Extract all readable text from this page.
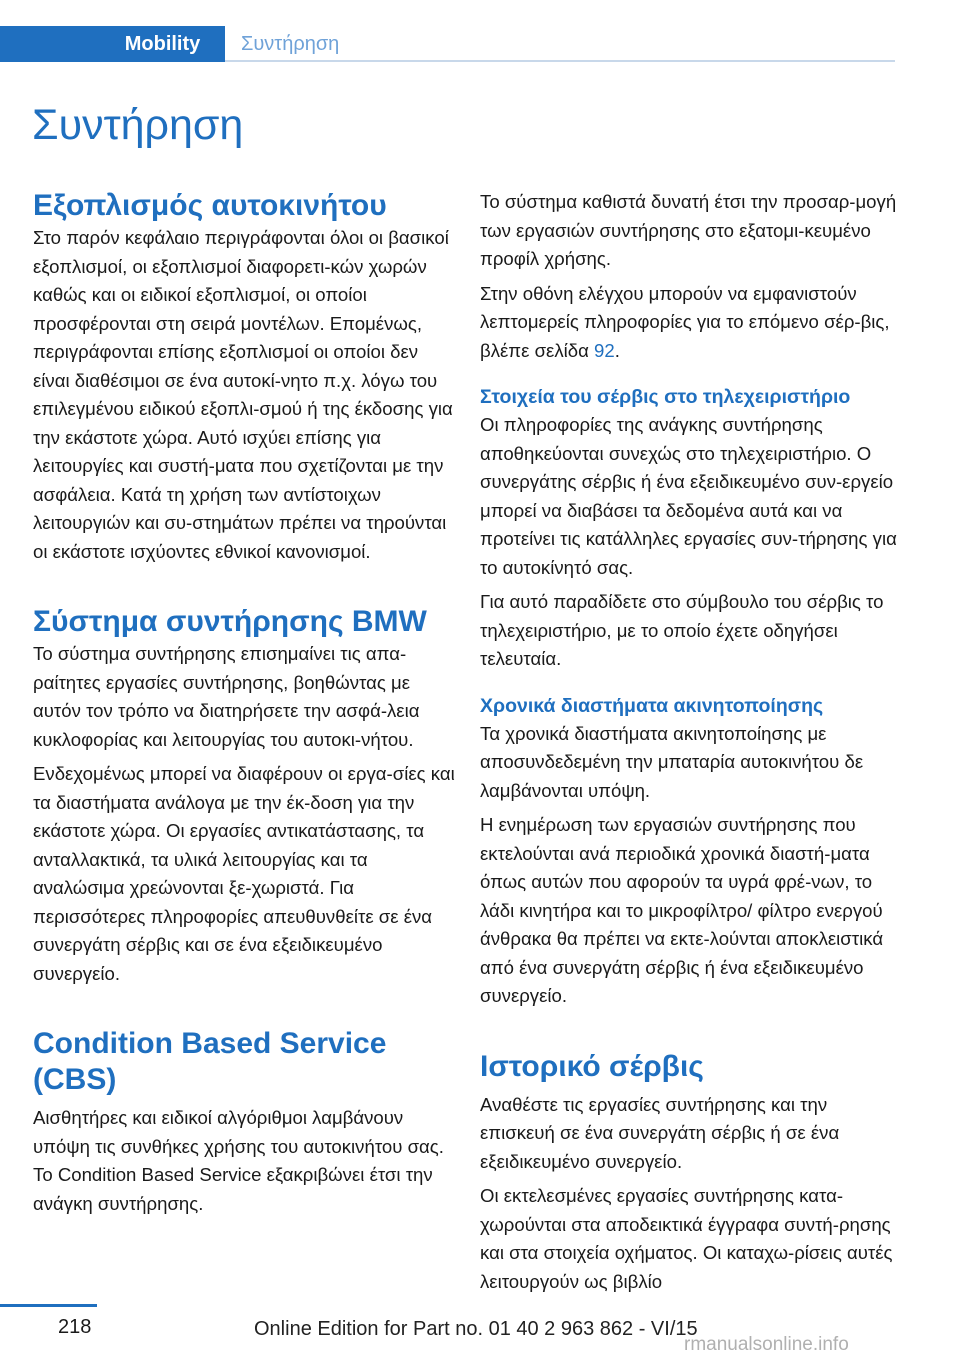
Mobility	Συντήρηση
Συντήρηση
Εξοπλισμός αυτοκινήτου

Στο παρόν κεφάλαιο περιγράφονται όλοι οι βασικοί εξοπλισμοί, οι εξοπλισμοί διαφορετι‐κών χωρών καθώς και οι ειδικοί εξοπλισμοί, οι οποίοι προσφέρονται στη σειρά μοντέλων. Επομένως, περιγράφονται επίσης εξοπλισμοί οι οποίοι δεν είναι διαθέσιμοι σε ένα αυτοκί‐νητο π.χ. λόγω του επιλεγμένου ειδικού εξοπλι‐σμού ή της έκδοσης για την εκάστοτε χώρα. Αυτό ισχύει επίσης για λειτουργίες και συστή‐ματα που σχετίζονται με την ασφάλεια. Κατά τη χρήση των αντίστοιχων λειτουργιών και συ‐στημάτων πρέπει να τηρούνται οι εκάστοτε ισχύοντες εθνικοί κανονισμοί.

Σύστημα συντήρησης BMW

Το σύστημα συντήρησης επισημαίνει τις απα‐ραίτητες εργασίες συντήρησης, βοηθώντας με αυτόν τον τρόπο να διατηρήσετε την ασφά‐λεια κυκλοφορίας και λειτουργίας του αυτοκι‐νήτου.

Ενδεχομένως μπορεί να διαφέρουν οι εργα‐σίες και τα διαστήματα ανάλογα με την έκ‐δοση για την εκάστοτε χώρα. Οι εργασίες αντικατάστασης, τα ανταλλακτικά, τα υλικά λειτουργίας και τα αναλώσιμα χρεώνονται ξε‐χωριστά. Για περισσότερες πληροφορίες απευθυνθείτε σε ένα συνεργάτη σέρβις και σε ένα εξειδικευμένο συνεργείο.

Condition Based Service (CBS)

Αισθητήρες και ειδικοί αλγόριθμοι λαμβάνουν υπόψη τις συνθήκες χρήσης του αυτοκινήτου σας. Το Condition Based Service εξακριβώνει έτσι την ανάγκη συντήρησης.

Το σύστημα καθιστά δυνατή έτσι την προσαρ‐μογή των εργασιών συντήρησης στο εξατομι‐κευμένο προφίλ χρήσης.

Στην οθόνη ελέγχου μπορούν να εμφανιστούν λεπτομερείς πληροφορίες για το επόμενο σέρ‐βις, βλέπε σελίδα 92.

Στοιχεία του σέρβις στο τηλεχειριστήριο

Οι πληροφορίες της ανάγκης συντήρησης αποθηκεύονται συνεχώς στο τηλεχειριστήριο. Ο συνεργάτης σέρβις ή ένα εξειδικευμένο συν‐εργείο μπορεί να διαβάσει τα δεδομένα αυτά και να προτείνει τις κατάλληλες εργασίες συν‐τήρησης για το αυτοκίνητό σας.

Για αυτό παραδίδετε στο σύμβουλο του σέρβις το τηλεχειριστήριο, με το οποίο έχετε οδηγήσει τελευταία.

Χρονικά διαστήματα ακινητοποίησης

Τα χρονικά διαστήματα ακινητοποίησης με αποσυνδεδεμένη την μπαταρία αυτοκινήτου δε λαμβάνονται υπόψη.

Η ενημέρωση των εργασιών συντήρησης που εκτελούνται ανά περιοδικά χρονικά διαστή‐ματα όπως αυτών που αφορούν τα υγρά φρέ‐νων, το λάδι κινητήρα και το μικροφίλτρο/ φίλτρο ενεργού άνθρακα θα πρέπει να εκτε‐λούνται αποκλειστικά από ένα συνεργάτη σέρβις ή ένα εξειδικευμένο συνεργείο.

Ιστορικό σέρβις

Αναθέστε τις εργασίες συντήρησης και την επισκευή σε ένα συνεργάτη σέρβις ή σε ένα εξειδικευμένο συνεργείο.

Οι εκτελεσμένες εργασίες συντήρησης κατα‐χωρούνται στα αποδεικτικά έγγραφα συντή‐ρησης και στα στοιχεία οχήματος. Οι καταχω‐ρίσεις αυτές λειτουργούν ως βιβλίο

218	Online Edition for Part no. 01 40 2 963 862 - VI/15
rmanualsonline.info
